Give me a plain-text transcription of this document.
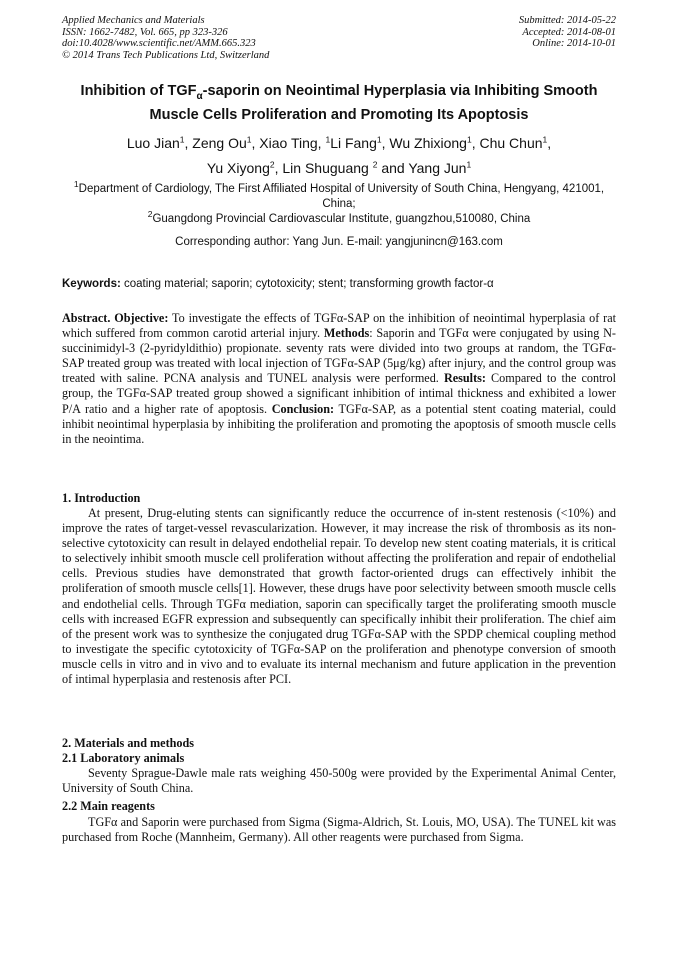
Applied Mechanics and Materials
ISSN: 1662-7482, Vol. 665, pp 323-326
doi:10.4028/www.scientific.net/AMM.665.323
© 2014 Trans Tech Publications Ltd, Switzerland
Submitted: 2014-05-22
Accepted: 2014-08-01
Online: 2014-10-01
Inhibition of $TGF_\alpha$-saporin on Neointimal Hyperplasia via Inhibiting Smooth Muscle Cells Proliferation and Promoting Its Apoptosis
Luo Jian$^1$, Zeng Ou$^1$, Xiao Ting, $^1$Li Fang$^1$, Wu Zhixiong$^1$, Chu Chun$^1$,
Yu Xiyong$^2$, Lin Shuguang $^2$ and Yang Jun$^1$
$^1$Department of Cardiology, The First Affiliated Hospital of University of South China, Hengyang, 421001, China;
$^2$Guangdong Provincial Cardiovascular Institute, guangzhou,510080, China
Corresponding author: Yang Jun. E-mail: yangjunincn@163.com
Keywords: coating material; saporin; cytotoxicity; stent; transforming growth factor-α
Abstract. Objective: To investigate the effects of TGFα-SAP on the inhibition of neointimal hyperplasia of rat which suffered from common carotid arterial injury. Methods: Saporin and TGFα were conjugated by using N-succinimidyl-3 (2-pyridyldithio) propionate. seventy rats were divided into two groups at random, the TGFα-SAP treated group was treated with local injection of TGFα-SAP (5μg/kg) after injury, and the control group was treated with saline. PCNA analysis and TUNEL analysis were performed. Results: Compared to the control group, the TGFα-SAP treated group showed a significant inhibition of intimal thickness and exhibited a lower P/A ratio and a higher rate of apoptosis. Conclusion: TGFα-SAP, as a potential stent coating material, could inhibit neointimal hyperplasia by inhibiting the proliferation and promoting the apoptosis of smooth muscle cells in the neointima.
1. Introduction
At present, Drug-eluting stents can significantly reduce the occurrence of in-stent restenosis (<10%) and improve the rates of target-vessel revascularization. However, it may increase the risk of thrombosis as its non-selective cytotoxicity can result in delayed endothelial repair. To develop new stent coating materials, it is critical to selectively inhibit smooth muscle cell proliferation without affecting the proliferation and repair of endothelial cells. Previous studies have demonstrated that growth factor-oriented drugs can effectively inhibit the proliferation of smooth muscle cells[1]. However, these drugs have poor selectivity between smooth muscle cells and endothelial cells. Through TGFα mediation, saporin can specifically target the proliferating smooth muscle cells with increased EGFR expression and subsequently can specifically inhibit their proliferation. The chief aim of the present work was to synthesize the conjugated drug TGFα-SAP with the SPDP chemical coupling method to investigate the specific cytotoxicity of TGFα-SAP on the proliferation and phenotype conversion of smooth muscle cells in vitro and in vivo and to evaluate its internal mechanism and future application in the prevention of intimal hyperplasia and restenosis after PCI.
2. Materials and methods
2.1 Laboratory animals
Seventy Sprague-Dawle male rats weighing 450-500g were provided by the Experimental Animal Center, University of South China.
2.2 Main reagents
TGFα and Saporin were purchased from Sigma (Sigma-Aldrich, St. Louis, MO, USA). The TUNEL kit was purchased from Roche (Mannheim, Germany). All other reagents were purchased from Sigma.
